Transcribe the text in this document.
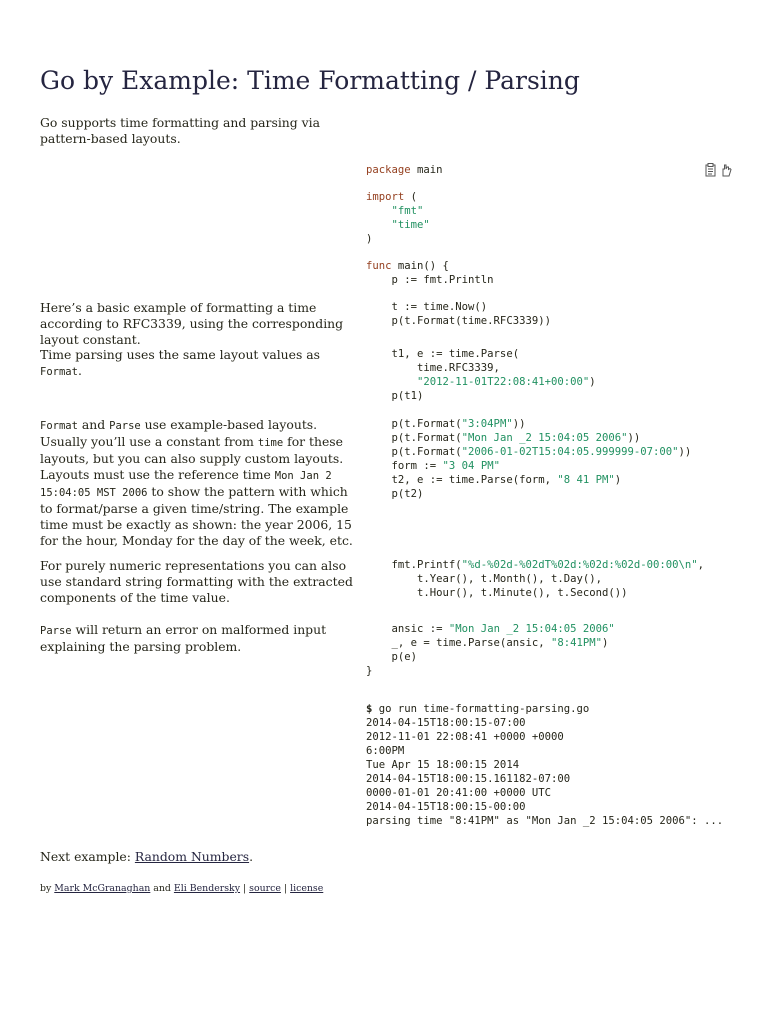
Go by Example: Time Formatting / Parsing

Go supports time formatting and parsing via pattern-based layouts.

Here’s a basic example of formatting a time according to RFC3339, using the corresponding layout constant.

Time parsing uses the same layout values as Format.

Format and Parse use example-based layouts. Usually you’ll use a constant from time for these layouts, but you can also supply custom layouts. Layouts must use the reference time Mon Jan 2 15:04:05 MST 2006 to show the pattern with which to format/parse a given time/string. The example time must be exactly as shown: the year 2006, 15 for the hour, Monday for the day of the week, etc.

For purely numeric representations you can also use standard string formatting with the extracted components of the time value.

Parse will return an error on malformed input explaining the parsing problem.

package main
import (
"fmt"
"time"
)
func main() {
p := fmt.Println
t := time.Now()
p(t.Format(time.RFC3339))
t1, e := time.Parse(
time.RFC3339,
"2012-11-01T22:08:41+00:00")
p(t1)
p(t.Format("3:04PM"))
p(t.Format("Mon Jan _2 15:04:05 2006"))
p(t.Format("2006-01-02T15:04:05.999999-07:00"))
form := "3 04 PM"
t2, e := time.Parse(form, "8 41 PM")
p(t2)
fmt.Printf("%d-%02d-%02dT%02d:%02d:%02d-00:00\n",
t.Year(), t.Month(), t.Day(),
t.Hour(), t.Minute(), t.Second())
ansic := "Mon Jan _2 15:04:05 2006"
_, e = time.Parse(ansic, "8:41PM")
p(e)
}
$ go run time-formatting-parsing.go
2014-04-15T18:00:15-07:00
2012-11-01 22:08:41 +0000 +0000
6:00PM
Tue Apr 15 18:00:15 2014
2014-04-15T18:00:15.161182-07:00
0000-01-01 20:41:00 +0000 UTC
2014-04-15T18:00:15-00:00
parsing time "8:41PM" as "Mon Jan _2 15:04:05 2006": ...
Next example: Random Numbers.
by Mark McGranaghan and Eli Bendersky | source | license
